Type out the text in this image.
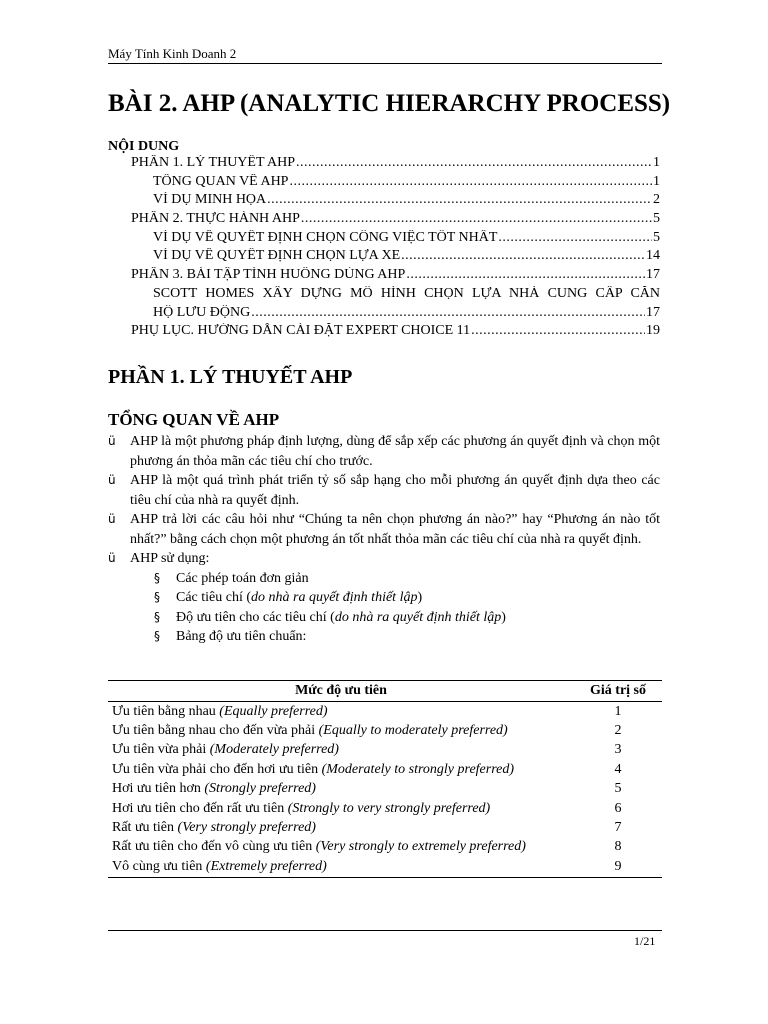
Máy Tính Kinh Doanh 2
BÀI 2. AHP (ANALYTIC HIERARCHY PROCESS)
NỘI DUNG
PHẦN 1. LÝ THUYẾT AHP .....	1
TỔNG QUAN VỀ AHP .....	1
VÍ DỤ MINH HỌA .....	2
PHẦN 2. THỰC HÀNH AHP .....	5
VÍ DỤ VỀ QUYẾT ĐỊNH CHỌN CÔNG VIỆC TỐT NHẤT .....	5
VÍ DỤ VỀ QUYẾT ĐỊNH CHỌN LỰA XE .....	14
PHẦN 3. BÀI TẬP TÌNH HUỐNG DÙNG AHP .....	17
SCOTT HOMES XÂY DỰNG MÔ HÌNH CHỌN LỰA NHÀ CUNG CẤP CĂN
HỘ LƯU ĐỘNG .....	17
PHỤ LỤC. HƯỚNG DẪN CÀI ĐẶT EXPERT CHOICE 11 .....	19
PHẦN 1. LÝ THUYẾT AHP
TỔNG QUAN VỀ AHP
ü AHP là một phương pháp định lượng, dùng để sắp xếp các phương án quyết định và chọn một phương án thỏa mãn các tiêu chí cho trước.
ü AHP là một quá trình phát triển tỷ số sắp hạng cho mỗi phương án quyết định dựa theo các tiêu chí của nhà ra quyết định.
ü AHP trả lời các câu hỏi như “Chúng ta nên chọn phương án nào?” hay “Phương án nào tốt nhất?” bằng cách chọn một phương án tốt nhất thỏa mãn các tiêu chí của nhà ra quyết định.
ü AHP sử dụng:
§ Các phép toán đơn giản
§ Các tiêu chí (do nhà ra quyết định thiết lập)
§ Độ ưu tiên cho các tiêu chí (do nhà ra quyết định thiết lập)
§ Bảng độ ưu tiên chuẩn:
Mức độ ưu tiên	Giá trị số
Ưu tiên bằng nhau (Equally preferred)	1
Ưu tiên bằng nhau cho đến vừa phải (Equally to moderately preferred)	2
Ưu tiên vừa phải (Moderately preferred)	3
Ưu tiên vừa phải cho đến hơi ưu tiên (Moderately to strongly preferred)	4
Hơi ưu tiên hơn (Strongly preferred)	5
Hơi ưu tiên cho đến rất ưu tiên (Strongly to very strongly preferred)	6
Rất ưu tiên (Very strongly preferred)	7
Rất ưu tiên cho đến vô cùng ưu tiên (Very strongly to extremely preferred)	8
Vô cùng ưu tiên (Extremely preferred)	9
1/21
